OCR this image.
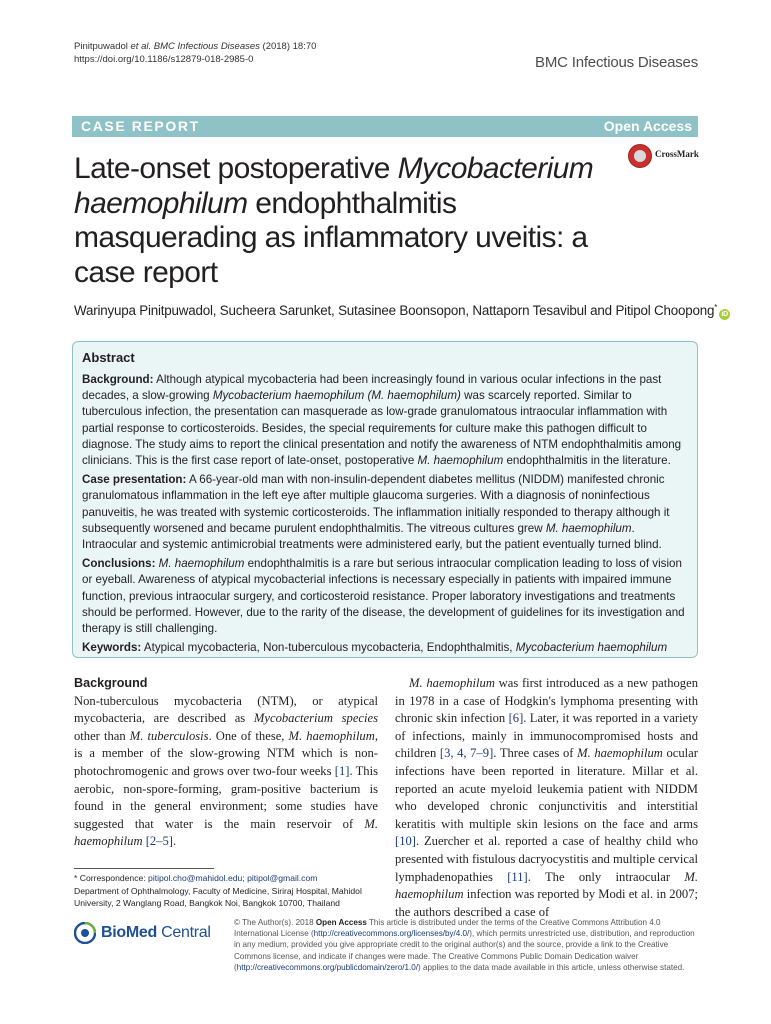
Pinitpuwadol et al. BMC Infectious Diseases (2018) 18:70
https://doi.org/10.1186/s12879-018-2985-0	BMC Infectious Diseases
CASE REPORT	Open Access
Late-onset postoperative Mycobacterium haemophilum endophthalmitis masquerading as inflammatory uveitis: a case report
CrossMark
Warinyupa Pinitpuwadol, Sucheera Sarunket, Sutasinee Boonsopon, Nattaporn Tesavibul and Pitipol Choopong*iD
Abstract

Background: Although atypical mycobacteria had been increasingly found in various ocular infections in the past decades, a slow-growing Mycobacterium haemophilum (M. haemophilum) was scarcely reported. Similar to tuberculous infection, the presentation can masquerade as low-grade granulomatous intraocular inflammation with partial response to corticosteroids. Besides, the special requirements for culture make this pathogen difficult to diagnose. The study aims to report the clinical presentation and notify the awareness of NTM endophthalmitis among clinicians. This is the first case report of late-onset, postoperative M. haemophilum endophthalmitis in the literature.

Case presentation: A 66-year-old man with non-insulin-dependent diabetes mellitus (NIDDM) manifested chronic granulomatous inflammation in the left eye after multiple glaucoma surgeries. With a diagnosis of noninfectious panuveitis, he was treated with systemic corticosteroids. The inflammation initially responded to therapy although it subsequently worsened and became purulent endophthalmitis. The vitreous cultures grew M. haemophilum. Intraocular and systemic antimicrobial treatments were administered early, but the patient eventually turned blind.

Conclusions: M. haemophilum endophthalmitis is a rare but serious intraocular complication leading to loss of vision or eyeball. Awareness of atypical mycobacterial infections is necessary especially in patients with impaired immune function, previous intraocular surgery, and corticosteroid resistance. Proper laboratory investigations and treatments should be performed. However, due to the rarity of the disease, the development of guidelines for its investigation and therapy is still challenging.

Keywords: Atypical mycobacteria, Non-tuberculous mycobacteria, Endophthalmitis, Mycobacterium haemophilum

Background

Non-tuberculous mycobacteria (NTM), or atypical mycobacteria, are described as Mycobacterium species other than M. tuberculosis. One of these, M. haemophilum, is a member of the slow-growing NTM which is non-photochromogenic and grows over two-four weeks [1]. This aerobic, non-spore-forming, gram-positive bacterium is found in the general environment; some studies have suggested that water is the main reservoir of M. haemophilum [2–5].

M. haemophilum was first introduced as a new pathogen in 1978 in a case of Hodgkin's lymphoma presenting with chronic skin infection [6]. Later, it was reported in a variety of infections, mainly in immunocompromised hosts and children [3, 4, 7–9]. Three cases of M. haemophilum ocular infections have been reported in literature. Millar et al. reported an acute myeloid leukemia patient with NIDDM who developed chronic conjunctivitis and interstitial keratitis with multiple skin lesions on the face and arms [10]. Zuercher et al. reported a case of healthy child who presented with fistulous dacryocystitis and multiple cervical lymphadenopathies [11]. The only intraocular M. haemophilum infection was reported by Modi et al. in 2007; the authors described a case of

* Correspondence: pitipol.cho@mahidol.edu; pitipol@gmail.com
Department of Ophthalmology, Faculty of Medicine, Siriraj Hospital, Mahidol University, 2 Wanglang Road, Bangkok Noi, Bangkok 10700, Thailand
BioMed Central
© The Author(s). 2018 Open Access This article is distributed under the terms of the Creative Commons Attribution 4.0 International License (http://creativecommons.org/licenses/by/4.0/), which permits unrestricted use, distribution, and reproduction in any medium, provided you give appropriate credit to the original author(s) and the source, provide a link to the Creative Commons license, and indicate if changes were made. The Creative Commons Public Domain Dedication waiver (http://creativecommons.org/publicdomain/zero/1.0/) applies to the data made available in this article, unless otherwise stated.
